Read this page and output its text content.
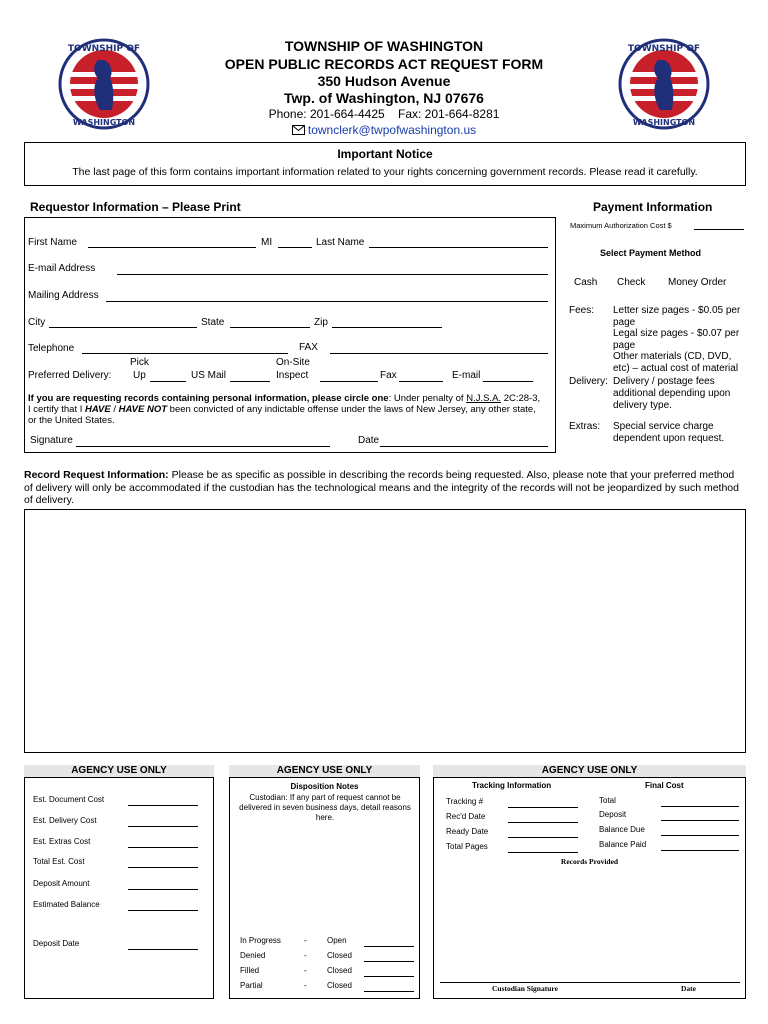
TOWNSHIP OF
WASHINGTON
TOWNSHIP OF
WASHINGTON
TOWNSHIP OF WASHINGTON
OPEN PUBLIC RECORDS ACT REQUEST FORM
350 Hudson Avenue
Twp. of Washington, NJ 07676
Phone: 201-664-4425    Fax: 201-664-8281
townclerk@twpofwashington.us
Important Notice
The last page of this form contains important information related to your rights concerning government records. Please read it carefully.
Requestor Information – Please Print
First Name	MI	Last Name
E-mail Address
Mailing Address
City	State	Zip
Telephone	FAX
Pick	On-Site
Preferred Delivery: Up	US Mail	Inspect	Fax	E-mail
If you are requesting records containing personal information, please circle one: Under penalty of N.J.S.A. 2C:28-3, I certify that I HAVE / HAVE NOT been convicted of any indictable offense under the laws of New Jersey, any other state, or the United States.
Signature	Date
Payment Information
Maximum Authorization Cost $
Select Payment Method
Cash Check Money Order
Fees: Letter size pages - $0.05 per page
Legal size pages - $0.07 per page
Other materials (CD, DVD, etc) – actual cost of material
Delivery: Delivery / postage fees additional depending upon delivery type.
Extras: Special service charge dependent upon request.
Record Request Information: Please be as specific as possible in describing the records being requested. Also, please note that your preferred method of delivery will only be accommodated if the custodian has the technological means and the integrity of the records will not be jeopardized by such method of delivery.
AGENCY USE ONLY
Est. Document Cost
Est. Delivery Cost
Est. Extras Cost
Total Est. Cost
Deposit Amount
Estimated Balance
Deposit Date
AGENCY USE ONLY
Disposition Notes
Custodian: If any part of request cannot be delivered in seven business days, detail reasons here.
In Progress	-	Open
Denied	-	Closed
Filled	-	Closed
Partial	-	Closed
AGENCY USE ONLY
Tracking Information	Final Cost
Tracking #
Rec'd Date
Ready Date
Total Pages
Total
Deposit
Balance Due
Balance Paid
Records Provided
Custodian Signature	Date
